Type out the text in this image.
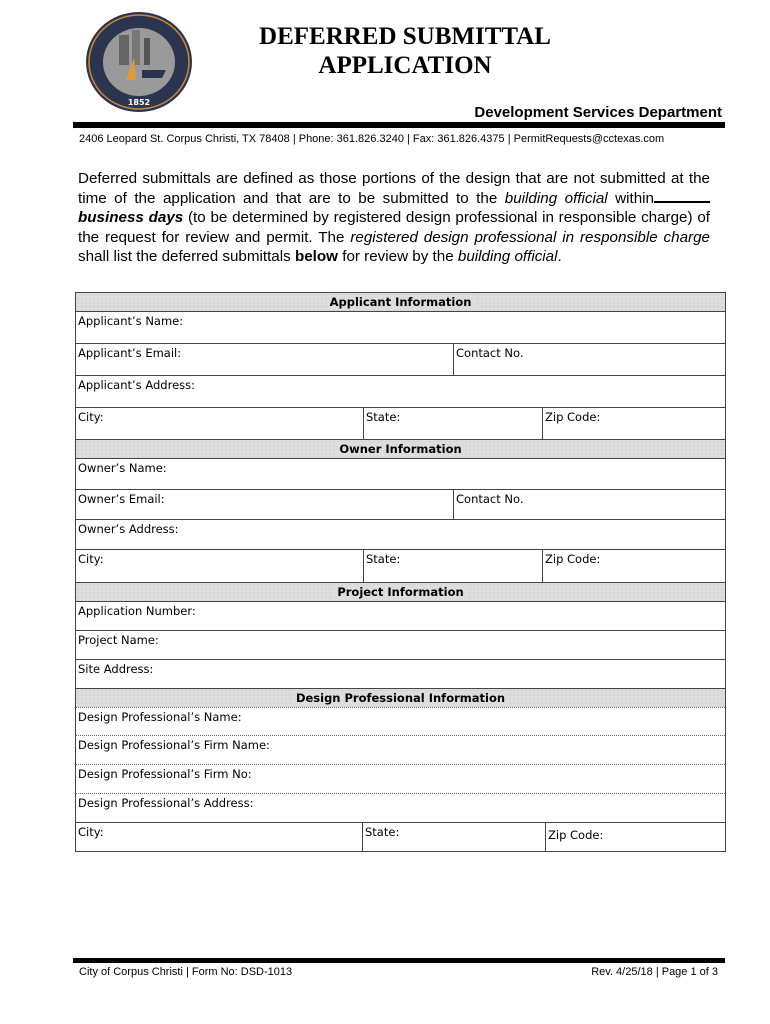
1852
DEFERRED SUBMITTAL
APPLICATION
Development Services Department
2406 Leopard St. Corpus Christi, TX 78408 | Phone: 361.826.3240 | Fax: 361.826.4375 | PermitRequests@cctexas.com
Deferred submittals are defined as those portions of the design that are not submitted at the time of the application and that are to be submitted to the building official within business days (to be determined by registered design professional in responsible charge) of the request for review and permit. The registered design professional in responsible charge shall list the deferred submittals below for review by the building official.
Applicant Information
Applicant’s Name:
Applicant’s Email:	Contact No.
Applicant’s Address:
City:	State:	Zip Code:
Owner Information
Owner’s Name:
Owner’s Email:	Contact No.
Owner’s Address:
City:	State:	Zip Code:
Project Information
Application Number:
Project Name:
Site Address:
Design Professional Information
Design Professional’s Name:
Design Professional’s Firm Name:
Design Professional’s Firm No:
Design Professional’s Address:
City:	State:	Zip Code:
City of Corpus Christi | Form No: DSD-1013	Rev. 4/25/18 | Page 1 of 3
